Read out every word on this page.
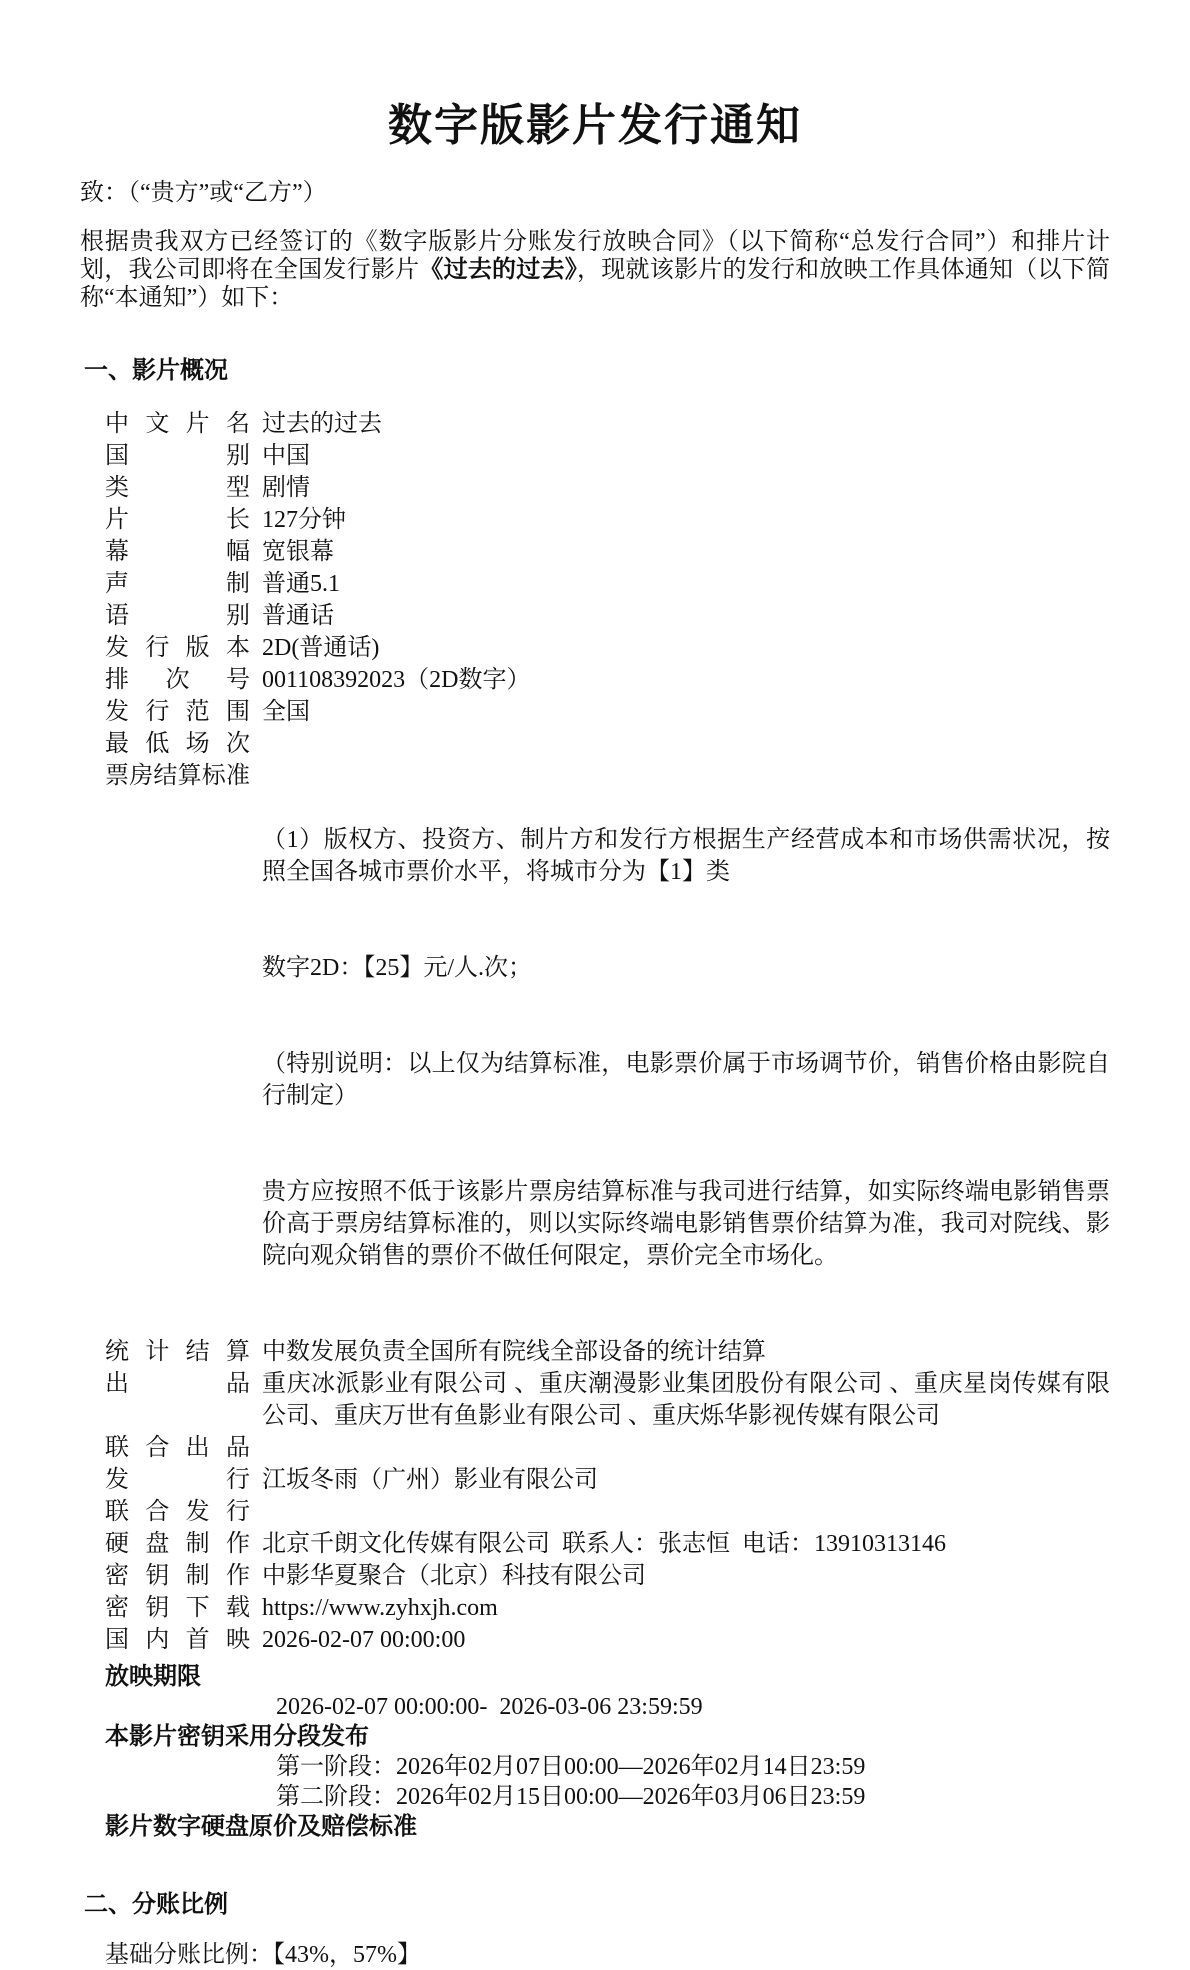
数字版影片发行通知
致：（“贵方”或“乙方”）
根据贵我双方已经签订的《数字版影片分账发行放映合同》（以下简称“总发行合同”）和排片计划，我公司即将在全国发行影片《过去的过去》，现就该影片的发行和放映工作具体通知（以下简称“本通知”）如下：
一、影片概况
中文片名 过去的过去
国别 中国
类型 剧情
片长 127分钟
幕幅 宽银幕
声制 普通5.1
语别 普通话
发行版本 2D(普通话)
排次号 001108392023（2D数字）
发行范围 全国
最低场次
票房结算标准

（1）版权方、投资方、制片方和发行方根据生产经营成本和市场供需状况，按照全国各城市票价水平，将城市分为【1】类

数字2D：【25】元/人.次；

（特别说明：以上仅为结算标准，电影票价属于市场调节价，销售价格由影院自行制定）

贵方应按照不低于该影片票房结算标准与我司进行结算，如实际终端电影销售票价高于票房结算标准的，则以实际终端电影销售票价结算为准，我司对院线、影院向观众销售的票价不做任何限定，票价完全市场化。

统计结算 中数发展负责全国所有院线全部设备的统计结算
出品 重庆冰派影业有限公司 、重庆潮漫影业集团股份有限公司 、重庆星岗传媒有限公司、重庆万世有鱼影业有限公司 、重庆烁华影视传媒有限公司
联合出品
发行 江坂冬雨（广州）影业有限公司
联合发行
硬盘制作 北京千朗文化传媒有限公司  联系人：张志恒  电话：13910313146
密钥制作 中影华夏聚合（北京）科技有限公司
密钥下载 https://www.zyhxjh.com
国内首映 2026-02-07 00:00:00
放映期限
2026-02-07 00:00:00-  2026-03-06 23:59:59
本影片密钥采用分段发布
第一阶段：2026年02月07日00:00—2026年02月14日23:59
第二阶段：2026年02月15日00:00—2026年03月06日23:59
影片数字硬盘原价及赔偿标准
二、分账比例
基础分账比例：【43%，57%】
